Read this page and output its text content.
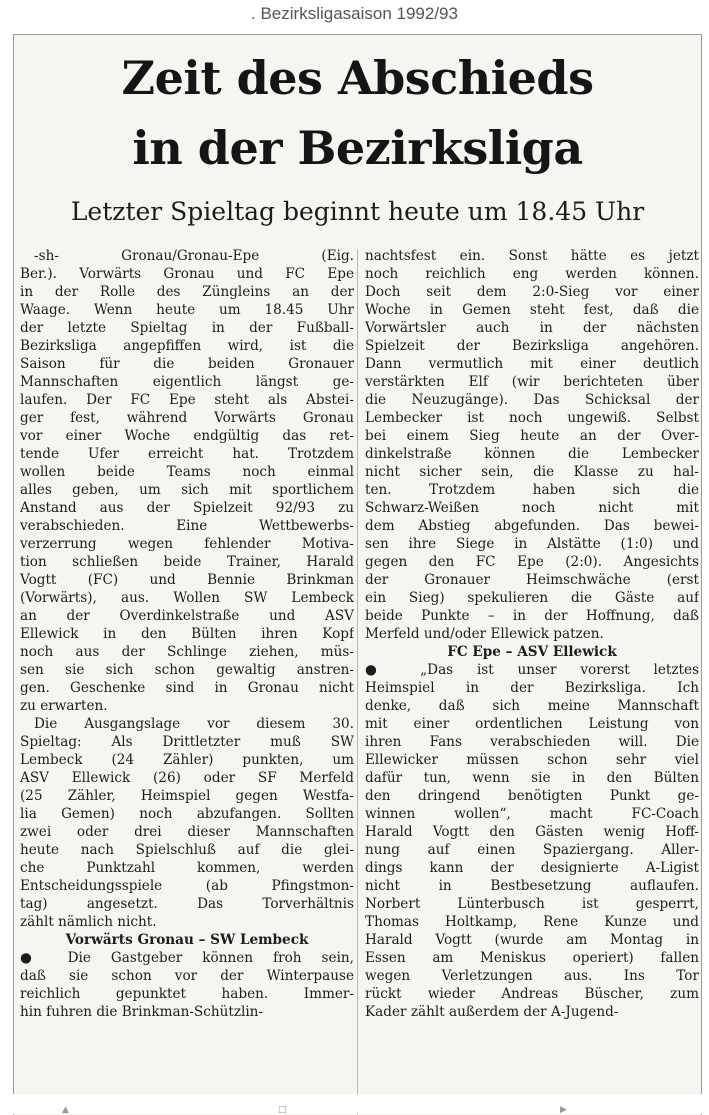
. Bezirksligasaison 1992/93
Zeit des Abschieds
in der Bezirksliga
Letzter Spieltag beginnt heute um 18.45 Uhr
-sh- Gronau/Gronau-Epe (Eig.
Ber.). Vorwärts Gronau und FC Epe
in der Rolle des Züngleins an der
Waage. Wenn heute um 18.45 Uhr
der letzte Spieltag in der Fußball-
Bezirksliga angepfiffen wird, ist die
Saison für die beiden Gronauer
Mannschaften eigentlich längst ge-
laufen. Der FC Epe steht als Abstei-
ger fest, während Vorwärts Gronau
vor einer Woche endgültig das ret-
tende Ufer erreicht hat. Trotzdem
wollen beide Teams noch einmal
alles geben, um sich mit sportlichem
Anstand aus der Spielzeit 92/93 zu
verabschieden. Eine Wettbewerbs-
verzerrung wegen fehlender Motiva-
tion schließen beide Trainer, Harald
Vogtt (FC) und Bennie Brinkman
(Vorwärts), aus. Wollen SW Lembeck
an der Overdinkelstraße und ASV
Ellewick in den Bülten ihren Kopf
noch aus der Schlinge ziehen, müs-
sen sie sich schon gewaltig anstren-
gen. Geschenke sind in Gronau nicht
zu erwarten.
Die Ausgangslage vor diesem 30.
Spieltag: Als Drittletzter muß SW
Lembeck (24 Zähler) punkten, um
ASV Ellewick (26) oder SF Merfeld
(25 Zähler, Heimspiel gegen Westfa-
lia Gemen) noch abzufangen. Sollten
zwei oder drei dieser Mannschaften
heute nach Spielschluß auf die glei-
che Punktzahl kommen, werden
Entscheidungsspiele (ab Pfingstmon-
tag) angesetzt. Das Torverhältnis
zählt nämlich nicht.
Vorwärts Gronau – SW Lembeck
● Die Gastgeber können froh sein,
daß sie schon vor der Winterpause
reichlich gepunktet haben. Immer-
hin fuhren die Brinkman-Schützlin-
nachtsfest ein. Sonst hätte es jetzt
noch reichlich eng werden können.
Doch seit dem 2:0-Sieg vor einer
Woche in Gemen steht fest, daß die
Vorwärtsler auch in der nächsten
Spielzeit der Bezirksliga angehören.
Dann vermutlich mit einer deutlich
verstärkten Elf (wir berichteten über
die Neuzugänge). Das Schicksal der
Lembecker ist noch ungewiß. Selbst
bei einem Sieg heute an der Over-
dinkelstraße können die Lembecker
nicht sicher sein, die Klasse zu hal-
ten. Trotzdem haben sich die
Schwarz-Weißen noch nicht mit
dem Abstieg abgefunden. Das bewei-
sen ihre Siege in Alstätte (1:0) und
gegen den FC Epe (2:0). Angesichts
der Gronauer Heimschwäche (erst
ein Sieg) spekulieren die Gäste auf
beide Punkte – in der Hoffnung, daß
Merfeld und/oder Ellewick patzen.
FC Epe – ASV Ellewick
● „Das ist unser vorerst letztes
Heimspiel in der Bezirksliga. Ich
denke, daß sich meine Mannschaft
mit einer ordentlichen Leistung von
ihren Fans verabschieden will. Die
Ellewicker müssen schon sehr viel
dafür tun, wenn sie in den Bülten
den dringend benötigten Punkt ge-
winnen wollen“, macht FC-Coach
Harald Vogtt den Gästen wenig Hoff-
nung auf einen Spaziergang. Aller-
dings kann der designierte A-Ligist
nicht in Bestbesetzung auflaufen.
Norbert Lünterbusch ist gesperrt,
Thomas Holtkamp, Rene Kunze und
Harald Vogtt (wurde am Montag in
Essen am Meniskus operiert) fallen
wegen Verletzungen aus. Ins Tor
rückt wieder Andreas Büscher, zum
Kader zählt außerdem der A-Jugend-
▲	□	▶
